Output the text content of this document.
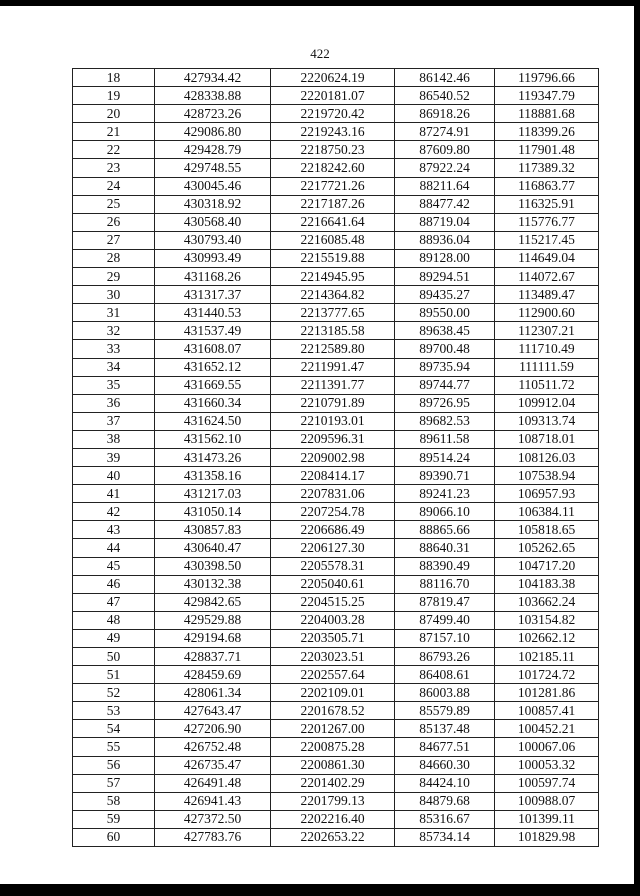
422
18	427934.42	2220624.19	86142.46	119796.66
19	428338.88	2220181.07	86540.52	119347.79
20	428723.26	2219720.42	86918.26	118881.68
21	429086.80	2219243.16	87274.91	118399.26
22	429428.79	2218750.23	87609.80	117901.48
23	429748.55	2218242.60	87922.24	117389.32
24	430045.46	2217721.26	88211.64	116863.77
25	430318.92	2217187.26	88477.42	116325.91
26	430568.40	2216641.64	88719.04	115776.77
27	430793.40	2216085.48	88936.04	115217.45
28	430993.49	2215519.88	89128.00	114649.04
29	431168.26	2214945.95	89294.51	114072.67
30	431317.37	2214364.82	89435.27	113489.47
31	431440.53	2213777.65	89550.00	112900.60
32	431537.49	2213185.58	89638.45	112307.21
33	431608.07	2212589.80	89700.48	111710.49
34	431652.12	2211991.47	89735.94	111111.59
35	431669.55	2211391.77	89744.77	110511.72
36	431660.34	2210791.89	89726.95	109912.04
37	431624.50	2210193.01	89682.53	109313.74
38	431562.10	2209596.31	89611.58	108718.01
39	431473.26	2209002.98	89514.24	108126.03
40	431358.16	2208414.17	89390.71	107538.94
41	431217.03	2207831.06	89241.23	106957.93
42	431050.14	2207254.78	89066.10	106384.11
43	430857.83	2206686.49	88865.66	105818.65
44	430640.47	2206127.30	88640.31	105262.65
45	430398.50	2205578.31	88390.49	104717.20
46	430132.38	2205040.61	88116.70	104183.38
47	429842.65	2204515.25	87819.47	103662.24
48	429529.88	2204003.28	87499.40	103154.82
49	429194.68	2203505.71	87157.10	102662.12
50	428837.71	2203023.51	86793.26	102185.11
51	428459.69	2202557.64	86408.61	101724.72
52	428061.34	2202109.01	86003.88	101281.86
53	427643.47	2201678.52	85579.89	100857.41
54	427206.90	2201267.00	85137.48	100452.21
55	426752.48	2200875.28	84677.51	100067.06
56	426735.47	2200861.30	84660.30	100053.32
57	426491.48	2201402.29	84424.10	100597.74
58	426941.43	2201799.13	84879.68	100988.07
59	427372.50	2202216.40	85316.67	101399.11
60	427783.76	2202653.22	85734.14	101829.98
